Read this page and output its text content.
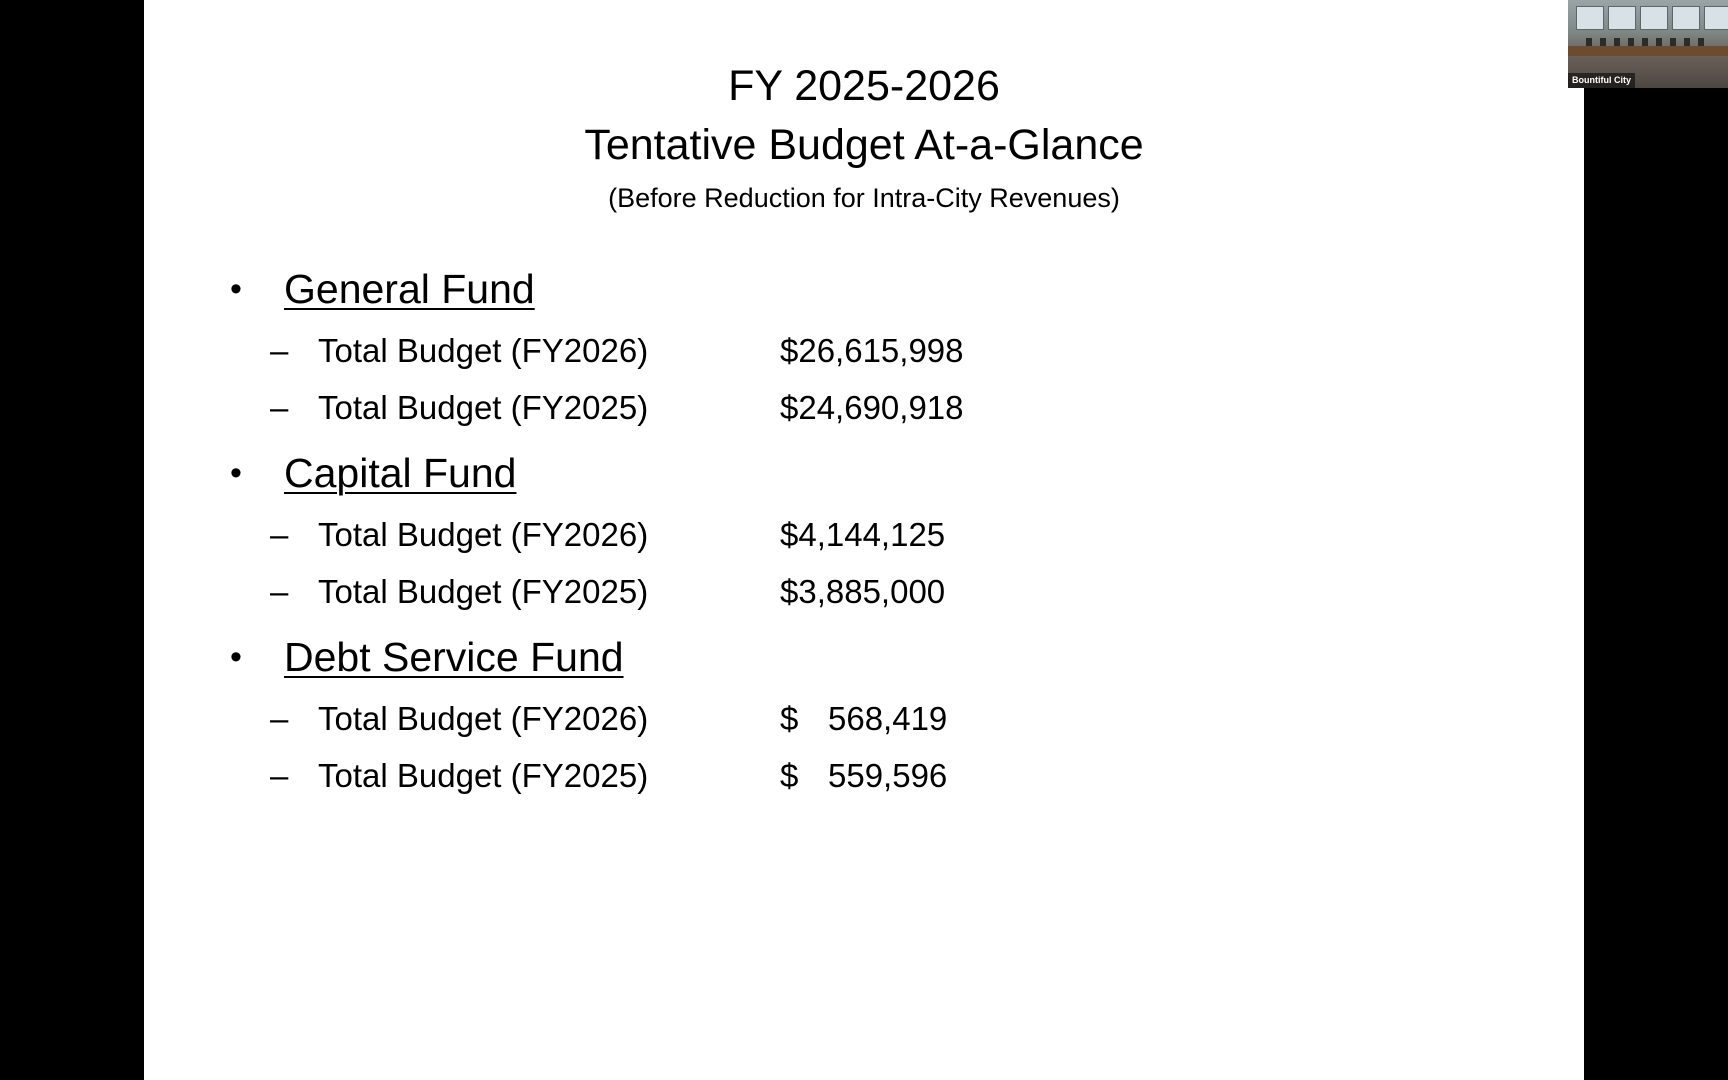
FY 2025-2026
Tentative Budget At-a-Glance
(Before Reduction for Intra-City Revenues)
• General Fund
– Total Budget (FY2026)	$26,615,998
– Total Budget (FY2025)	$24,690,918
• Capital Fund
– Total Budget (FY2026)	$4,144,125
– Total Budget (FY2025)	$3,885,000
• Debt Service Fund
– Total Budget (FY2026)	$ 568,419
– Total Budget (FY2025)	$ 559,596
Bountiful City
